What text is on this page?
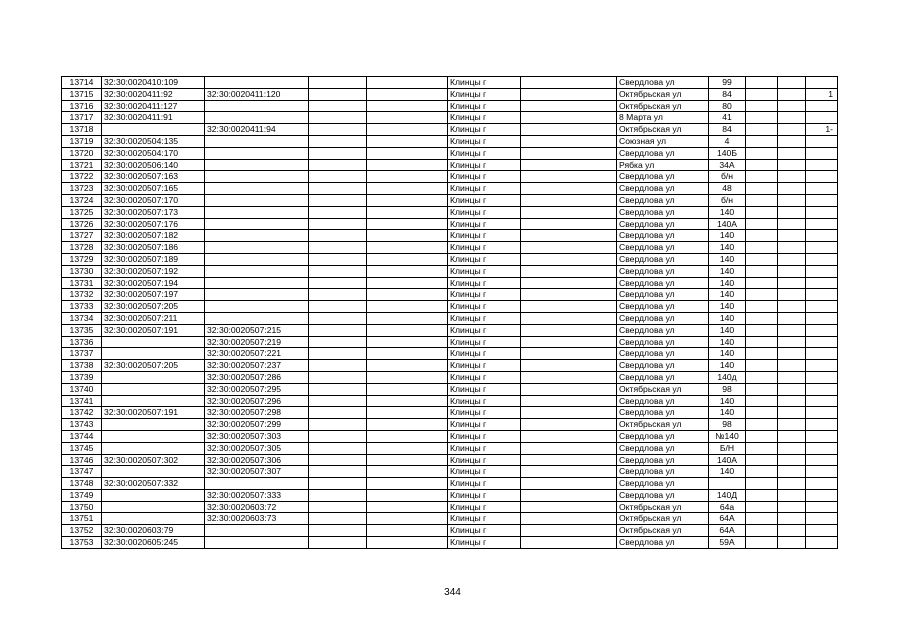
13714	32:30:0020410:109				Клинцы г		Свердлова ул	99			
13715	32:30:0020411:92	32:30:0020411:120			Клинцы г		Октябрьская ул	84			1
13716	32:30:0020411:127				Клинцы г		Октябрьская ул	80			
13717	32:30:0020411:91				Клинцы г		8 Марта ул	41			
13718		32:30:0020411:94			Клинцы г		Октябрьская ул	84			1-
13719	32:30:0020504:135				Клинцы г		Союзная ул	4			
13720	32:30:0020504:170				Клинцы г		Свердлова ул	140Б			
13721	32:30:0020506:140				Клинцы г		Рябка ул	34А			
13722	32:30:0020507:163				Клинцы г		Свердлова ул	б/н			
13723	32:30:0020507:165				Клинцы г		Свердлова ул	48			
13724	32:30:0020507:170				Клинцы г		Свердлова ул	б/н			
13725	32:30:0020507:173				Клинцы г		Свердлова ул	140			
13726	32:30:0020507:176				Клинцы г		Свердлова ул	140А			
13727	32:30:0020507:182				Клинцы г		Свердлова ул	140			
13728	32:30:0020507:186				Клинцы г		Свердлова ул	140			
13729	32:30:0020507:189				Клинцы г		Свердлова ул	140			
13730	32:30:0020507:192				Клинцы г		Свердлова ул	140			
13731	32:30:0020507:194				Клинцы г		Свердлова ул	140			
13732	32:30:0020507:197				Клинцы г		Свердлова ул	140			
13733	32:30:0020507:205				Клинцы г		Свердлова ул	140			
13734	32:30:0020507:211				Клинцы г		Свердлова ул	140			
13735	32:30:0020507:191	32:30:0020507:215			Клинцы г		Свердлова ул	140			
13736		32:30:0020507:219			Клинцы г		Свердлова ул	140			
13737		32:30:0020507:221			Клинцы г		Свердлова ул	140			
13738	32:30:0020507:205	32:30:0020507:237			Клинцы г		Свердлова ул	140			
13739		32:30:0020507:286			Клинцы г		Свердлова ул	140д			
13740		32:30:0020507:295			Клинцы г		Октябрьская ул	98			
13741		32:30:0020507:296			Клинцы г		Свердлова ул	140			
13742	32:30:0020507:191	32:30:0020507:298			Клинцы г		Свердлова ул	140			
13743		32:30:0020507:299			Клинцы г		Октябрьская ул	98			
13744		32:30:0020507:303			Клинцы г		Свердлова ул	№140			
13745		32:30:0020507:305			Клинцы г		Свердлова ул	Б/Н			
13746	32:30:0020507:302	32:30:0020507:306			Клинцы г		Свердлова ул	140А			
13747		32:30:0020507:307			Клинцы г		Свердлова ул	140			
13748	32:30:0020507:332				Клинцы г		Свердлова ул				
13749		32:30:0020507:333			Клинцы г		Свердлова ул	140Д			
13750		32:30:0020603:72			Клинцы г		Октябрьская ул	64а			
13751		32:30:0020603:73			Клинцы г		Октябрьская ул	64А			
13752	32:30:0020603:79				Клинцы г		Октябрьская ул	64А			
13753	32:30:0020605:245				Клинцы г		Свердлова ул	59А			
344
